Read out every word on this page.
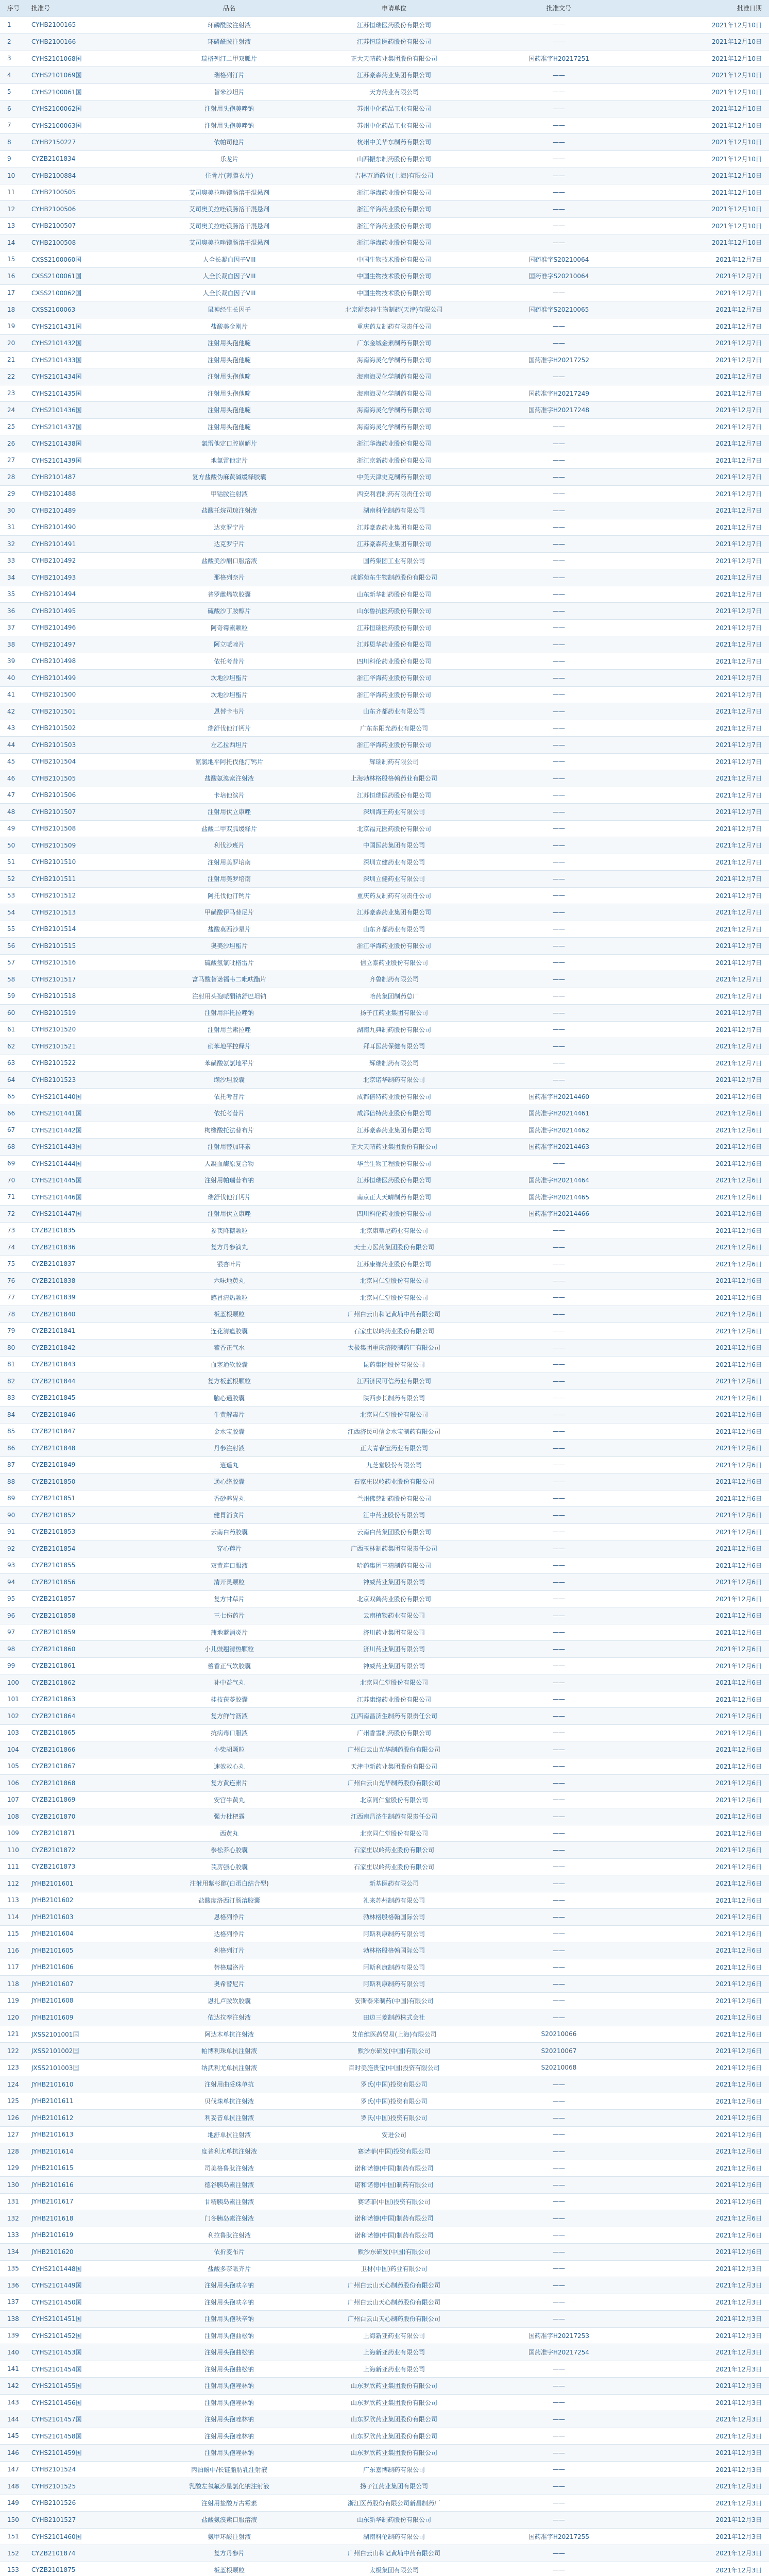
序号	批准号	品名	申请单位	批准文号	批准日期
1	CYHB2100165	环磷酰胺注射液	江苏恒瑞医药股份有限公司	——	2021年12月10日
2	CYHB2100166	环磷酰胺注射液	江苏恒瑞医药股份有限公司	——	2021年12月10日
3	CYHS2101068国	瑞格列汀二甲双胍片	正大天晴药业集团股份有限公司	国药准字H20217251	2021年12月10日
4	CYHS2101069国	瑞格列汀片	江苏豪森药业集团有限公司	——	2021年12月10日
5	CYHS2100061国	替米沙坦片	天方药业有限公司	——	2021年12月10日
6	CYHS2100062国	注射用头孢美唑钠	苏州中化药品工业有限公司	——	2021年12月10日
7	CYHS2100063国	注射用头孢美唑钠	苏州中化药品工业有限公司	——	2021年12月10日
8	CYHB2150227	依帕司他片	杭州中美华东制药有限公司	——	2021年12月10日
9	CYZB2101834	乐龙片	山西振东制药股份有限公司	——	2021年12月10日
10	CYHB2100884	住骨片(薄膜衣片)	吉林万通药业(上海)有限公司	——	2021年12月10日
11	CYHB2100505	艾司奥美拉唑镁肠溶干混悬剂	浙江华海药业股份有限公司	——	2021年12月10日
12	CYHB2100506	艾司奥美拉唑镁肠溶干混悬剂	浙江华海药业股份有限公司	——	2021年12月10日
13	CYHB2100507	艾司奥美拉唑镁肠溶干混悬剂	浙江华海药业股份有限公司	——	2021年12月10日
14	CYHB2100508	艾司奥美拉唑镁肠溶干混悬剂	浙江华海药业股份有限公司	——	2021年12月10日
15	CXSS2100060国	人全长凝血因子VIII	中国生物技术股份有限公司	国药准字S20210064	2021年12月7日
16	CXSS2100061国	人全长凝血因子VIII	中国生物技术股份有限公司	国药准字S20210064	2021年12月7日
17	CXSS2100062国	人全长凝血因子VIII	中国生物技术股份有限公司	——	2021年12月7日
18	CXSS2100063	鼠神经生长因子	北京舒泰神生物制药(天津)有限公司	国药准字S20210065	2021年12月7日
19	CYHS2101431国	盐酸美金刚片	重庆药友制药有限责任公司	——	2021年12月7日
20	CYHS2101432国	注射用头孢他啶	广东金城金素制药有限公司	——	2021年12月7日
21	CYHS2101433国	注射用头孢他啶	海南海灵化学制药有限公司	国药准字H20217252	2021年12月7日
22	CYHS2101434国	注射用头孢他啶	海南海灵化学制药有限公司	——	2021年12月7日
23	CYHS2101435国	注射用头孢他啶	海南海灵化学制药有限公司	国药准字H20217249	2021年12月7日
24	CYHS2101436国	注射用头孢他啶	海南海灵化学制药有限公司	国药准字H20217248	2021年12月7日
25	CYHS2101437国	注射用头孢他啶	海南海灵化学制药有限公司	——	2021年12月7日
26	CYHS2101438国	氯雷他定口腔崩解片	浙江华海药业股份有限公司	——	2021年12月7日
27	CYHS2101439国	地氯雷他定片	浙江京新药业股份有限公司	——	2021年12月7日
28	CYHB2101487	复方盐酸伪麻黄碱缓释胶囊	中美天津史克制药有限公司	——	2021年12月7日
29	CYHB2101488	甲钴胺注射液	西安利君制药有限责任公司	——	2021年12月7日
30	CYHB2101489	盐酸托烷司琼注射液	湖南科伦制药有限公司	——	2021年12月7日
31	CYHB2101490	达克罗宁片	江苏豪森药业集团有限公司	——	2021年12月7日
32	CYHB2101491	达克罗宁片	江苏豪森药业集团有限公司	——	2021年12月7日
33	CYHB2101492	盐酸美沙酮口服溶液	国药集团工业有限公司	——	2021年12月7日
34	CYHB2101493	那格列奈片	成都苑东生物制药股份有限公司	——	2021年12月7日
35	CYHB2101494	普罗雌烯软胶囊	山东新华制药股份有限公司	——	2021年12月7日
36	CYHB2101495	硫酸沙丁胺醇片	山东鲁抗医药股份有限公司	——	2021年12月7日
37	CYHB2101496	阿奇霉素颗粒	江苏恒瑞医药股份有限公司	——	2021年12月7日
38	CYHB2101497	阿立哌唑片	江苏恩华药业股份有限公司	——	2021年12月7日
39	CYHB2101498	依托考昔片	四川科伦药业股份有限公司	——	2021年12月7日
40	CYHB2101499	坎地沙坦酯片	浙江华海药业股份有限公司	——	2021年12月7日
41	CYHB2101500	坎地沙坦酯片	浙江华海药业股份有限公司	——	2021年12月7日
42	CYHB2101501	恩替卡韦片	山东齐都药业有限公司	——	2021年12月7日
43	CYHB2101502	瑞舒伐他汀钙片	广东东阳光药业有限公司	——	2021年12月7日
44	CYHB2101503	左乙拉西坦片	浙江华海药业股份有限公司	——	2021年12月7日
45	CYHB2101504	氨氯地平阿托伐他汀钙片	辉瑞制药有限公司	——	2021年12月7日
46	CYHB2101505	盐酸氨溴索注射液	上海勃林格殷格翰药业有限公司	——	2021年12月7日
47	CYHB2101506	卡培他滨片	江苏恒瑞医药股份有限公司	——	2021年12月7日
48	CYHB2101507	注射用伏立康唑	深圳海王药业有限公司	——	2021年12月7日
49	CYHB2101508	盐酸二甲双胍缓释片	北京福元医药股份有限公司	——	2021年12月7日
50	CYHB2101509	利伐沙班片	中国医药集团有限公司	——	2021年12月7日
51	CYHB2101510	注射用美罗培南	深圳立健药业有限公司	——	2021年12月7日
52	CYHB2101511	注射用美罗培南	深圳立健药业有限公司	——	2021年12月7日
53	CYHB2101512	阿托伐他汀钙片	重庆药友制药有限责任公司	——	2021年12月7日
54	CYHB2101513	甲磺酸伊马替尼片	江苏豪森药业集团有限公司	——	2021年12月7日
55	CYHB2101514	盐酸莫西沙星片	山东齐都药业有限公司	——	2021年12月7日
56	CYHB2101515	奥美沙坦酯片	浙江华海药业股份有限公司	——	2021年12月7日
57	CYHB2101516	硫酸氢氯吡格雷片	信立泰药业股份有限公司	——	2021年12月7日
58	CYHB2101517	富马酸替诺福韦二吡呋酯片	齐鲁制药有限公司	——	2021年12月7日
59	CYHB2101518	注射用头孢哌酮钠舒巴坦钠	哈药集团制药总厂	——	2021年12月7日
60	CYHB2101519	注射用泮托拉唑钠	扬子江药业集团有限公司	——	2021年12月7日
61	CYHB2101520	注射用兰索拉唑	湖南九典制药股份有限公司	——	2021年12月7日
62	CYHB2101521	硝苯地平控释片	拜耳医药保健有限公司	——	2021年12月7日
63	CYHB2101522	苯磺酸氨氯地平片	辉瑞制药有限公司	——	2021年12月7日
64	CYHB2101523	缬沙坦胶囊	北京诺华制药有限公司	——	2021年12月7日
65	CYHS2101440国	依托考昔片	成都倍特药业股份有限公司	国药准字H20214460	2021年12月6日
66	CYHS2101441国	依托考昔片	成都倍特药业股份有限公司	国药准字H20214461	2021年12月6日
67	CYHS2101442国	枸橼酸托法替布片	江苏豪森药业集团有限公司	国药准字H20214462	2021年12月6日
68	CYHS2101443国	注射用替加环素	正大天晴药业集团股份有限公司	国药准字H20214463	2021年12月6日
69	CYHS2101444国	人凝血酶原复合物	华兰生物工程股份有限公司	——	2021年12月6日
70	CYHS2101445国	注射用帕瑞昔布钠	江苏恒瑞医药股份有限公司	国药准字H20214464	2021年12月6日
71	CYHS2101446国	瑞舒伐他汀钙片	南京正大天晴制药有限公司	国药准字H20214465	2021年12月6日
72	CYHS2101447国	注射用伏立康唑	四川科伦药业股份有限公司	国药准字H20214466	2021年12月6日
73	CYZB2101835	参芪降糖颗粒	北京康蒂尼药业有限公司	——	2021年12月6日
74	CYZB2101836	复方丹参滴丸	天士力医药集团股份有限公司	——	2021年12月6日
75	CYZB2101837	银杏叶片	江苏康缘药业股份有限公司	——	2021年12月6日
76	CYZB2101838	六味地黄丸	北京同仁堂股份有限公司	——	2021年12月6日
77	CYZB2101839	感冒清热颗粒	北京同仁堂股份有限公司	——	2021年12月6日
78	CYZB2101840	板蓝根颗粒	广州白云山和记黄埔中药有限公司	——	2021年12月6日
79	CYZB2101841	连花清瘟胶囊	石家庄以岭药业股份有限公司	——	2021年12月6日
80	CYZB2101842	藿香正气水	太极集团重庆涪陵制药厂有限公司	——	2021年12月6日
81	CYZB2101843	血塞通软胶囊	昆药集团股份有限公司	——	2021年12月6日
82	CYZB2101844	复方板蓝根颗粒	江西济民可信药业有限公司	——	2021年12月6日
83	CYZB2101845	脑心通胶囊	陕西步长制药有限公司	——	2021年12月6日
84	CYZB2101846	牛黄解毒片	北京同仁堂股份有限公司	——	2021年12月6日
85	CYZB2101847	金水宝胶囊	江西济民可信金水宝制药有限公司	——	2021年12月6日
86	CYZB2101848	丹参注射液	正大青春宝药业有限公司	——	2021年12月6日
87	CYZB2101849	逍遥丸	九芝堂股份有限公司	——	2021年12月6日
88	CYZB2101850	通心络胶囊	石家庄以岭药业股份有限公司	——	2021年12月6日
89	CYZB2101851	香砂养胃丸	兰州佛慈制药股份有限公司	——	2021年12月6日
90	CYZB2101852	健胃消食片	江中药业股份有限公司	——	2021年12月6日
91	CYZB2101853	云南白药胶囊	云南白药集团股份有限公司	——	2021年12月6日
92	CYZB2101854	穿心莲片	广西玉林制药集团有限责任公司	——	2021年12月6日
93	CYZB2101855	双黄连口服液	哈药集团三精制药有限公司	——	2021年12月6日
94	CYZB2101856	清开灵颗粒	神威药业集团有限公司	——	2021年12月6日
95	CYZB2101857	复方甘草片	北京双鹤药业股份有限公司	——	2021年12月6日
96	CYZB2101858	三七伤药片	云南植物药业有限公司	——	2021年12月6日
97	CYZB2101859	蒲地蓝消炎片	济川药业集团有限公司	——	2021年12月6日
98	CYZB2101860	小儿豉翘清热颗粒	济川药业集团有限公司	——	2021年12月6日
99	CYZB2101861	藿香正气软胶囊	神威药业集团有限公司	——	2021年12月6日
100	CYZB2101862	补中益气丸	北京同仁堂股份有限公司	——	2021年12月6日
101	CYZB2101863	桂枝茯苓胶囊	江苏康缘药业股份有限公司	——	2021年12月6日
102	CYZB2101864	复方鲜竹沥液	江西南昌济生制药有限责任公司	——	2021年12月6日
103	CYZB2101865	抗病毒口服液	广州香雪制药股份有限公司	——	2021年12月6日
104	CYZB2101866	小柴胡颗粒	广州白云山光华制药股份有限公司	——	2021年12月6日
105	CYZB2101867	速效救心丸	天津中新药业集团股份有限公司	——	2021年12月6日
106	CYZB2101868	复方黄连素片	广州白云山光华制药股份有限公司	——	2021年12月6日
107	CYZB2101869	安宫牛黄丸	北京同仁堂股份有限公司	——	2021年12月6日
108	CYZB2101870	强力枇杷露	江西南昌济生制药有限责任公司	——	2021年12月6日
109	CYZB2101871	西黄丸	北京同仁堂股份有限公司	——	2021年12月6日
110	CYZB2101872	参松养心胶囊	石家庄以岭药业股份有限公司	——	2021年12月6日
111	CYZB2101873	芪苈强心胶囊	石家庄以岭药业股份有限公司	——	2021年12月6日
112	JYHB2101601	注射用紫杉醇(白蛋白结合型)	新基医药有限公司	——	2021年12月6日
113	JYHB2101602	盐酸度洛西汀肠溶胶囊	礼来苏州制药有限公司	——	2021年12月6日
114	JYHB2101603	恩格列净片	勃林格殷格翰国际公司	——	2021年12月6日
115	JYHB2101604	达格列净片	阿斯利康制药有限公司	——	2021年12月6日
116	JYHB2101605	利格列汀片	勃林格殷格翰国际公司	——	2021年12月6日
117	JYHB2101606	替格瑞洛片	阿斯利康制药有限公司	——	2021年12月6日
118	JYHB2101607	奥希替尼片	阿斯利康制药有限公司	——	2021年12月6日
119	JYHB2101608	恩扎卢胺软胶囊	安斯泰来制药(中国)有限公司	——	2021年12月6日
120	JYHB2101609	依达拉奉注射液	田边三菱制药株式会社	——	2021年12月6日
121	JXSS2101001国	阿达木单抗注射液	艾伯维医药贸易(上海)有限公司	S20210066	2021年12月6日
122	JXSS2101002国	帕博利珠单抗注射液	默沙东研发(中国)有限公司	S20210067	2021年12月6日
123	JXSS2101003国	纳武利尤单抗注射液	百时美施贵宝(中国)投资有限公司	S20210068	2021年12月6日
124	JYHB2101610	注射用曲妥珠单抗	罗氏(中国)投资有限公司	——	2021年12月6日
125	JYHB2101611	贝伐珠单抗注射液	罗氏(中国)投资有限公司	——	2021年12月6日
126	JYHB2101612	利妥昔单抗注射液	罗氏(中国)投资有限公司	——	2021年12月6日
127	JYHB2101613	地舒单抗注射液	安进公司	——	2021年12月6日
128	JYHB2101614	度普利尤单抗注射液	赛诺菲(中国)投资有限公司	——	2021年12月6日
129	JYHB2101615	司美格鲁肽注射液	诺和诺德(中国)制药有限公司	——	2021年12月6日
130	JYHB2101616	德谷胰岛素注射液	诺和诺德(中国)制药有限公司	——	2021年12月6日
131	JYHB2101617	甘精胰岛素注射液	赛诺菲(中国)投资有限公司	——	2021年12月6日
132	JYHB2101618	门冬胰岛素注射液	诺和诺德(中国)制药有限公司	——	2021年12月6日
133	JYHB2101619	利拉鲁肽注射液	诺和诺德(中国)制药有限公司	——	2021年12月6日
134	JYHB2101620	依折麦布片	默沙东研发(中国)有限公司	——	2021年12月6日
135	CYHS2101448国	盐酸多奈哌齐片	卫材(中国)药业有限公司	——	2021年12月3日
136	CYHS2101449国	注射用头孢呋辛钠	广州白云山天心制药股份有限公司	——	2021年12月3日
137	CYHS2101450国	注射用头孢呋辛钠	广州白云山天心制药股份有限公司	——	2021年12月3日
138	CYHS2101451国	注射用头孢呋辛钠	广州白云山天心制药股份有限公司	——	2021年12月3日
139	CYHS2101452国	注射用头孢曲松钠	上海新亚药业有限公司	国药准字H20217253	2021年12月3日
140	CYHS2101453国	注射用头孢曲松钠	上海新亚药业有限公司	国药准字H20217254	2021年12月3日
141	CYHS2101454国	注射用头孢曲松钠	上海新亚药业有限公司	——	2021年12月3日
142	CYHS2101455国	注射用头孢唑林钠	山东罗欣药业集团股份有限公司	——	2021年12月3日
143	CYHS2101456国	注射用头孢唑林钠	山东罗欣药业集团股份有限公司	——	2021年12月3日
144	CYHS2101457国	注射用头孢唑林钠	山东罗欣药业集团股份有限公司	——	2021年12月3日
145	CYHS2101458国	注射用头孢唑林钠	山东罗欣药业集团股份有限公司	——	2021年12月3日
146	CYHS2101459国	注射用头孢唑林钠	山东罗欣药业集团股份有限公司	——	2021年12月3日
147	CYHB2101524	丙泊酚中/长链脂肪乳注射液	广东嘉博制药有限公司	——	2021年12月3日
148	CYHB2101525	乳酸左氧氟沙星氯化钠注射液	扬子江药业集团有限公司	——	2021年12月3日
149	CYHB2101526	注射用盐酸万古霉素	浙江医药股份有限公司新昌制药厂	——	2021年12月3日
150	CYHB2101527	盐酸氨溴索口服溶液	山东新华制药股份有限公司	——	2021年12月3日
151	CYHS2101460国	氨甲环酸注射液	湖南科伦制药有限公司	国药准字H20217255	2021年12月3日
152	CYZB2101874	复方丹参片	广州白云山和记黄埔中药有限公司	——	2021年12月3日
153	CYZB2101875	板蓝根颗粒	太极集团有限公司	——	2021年12月3日
